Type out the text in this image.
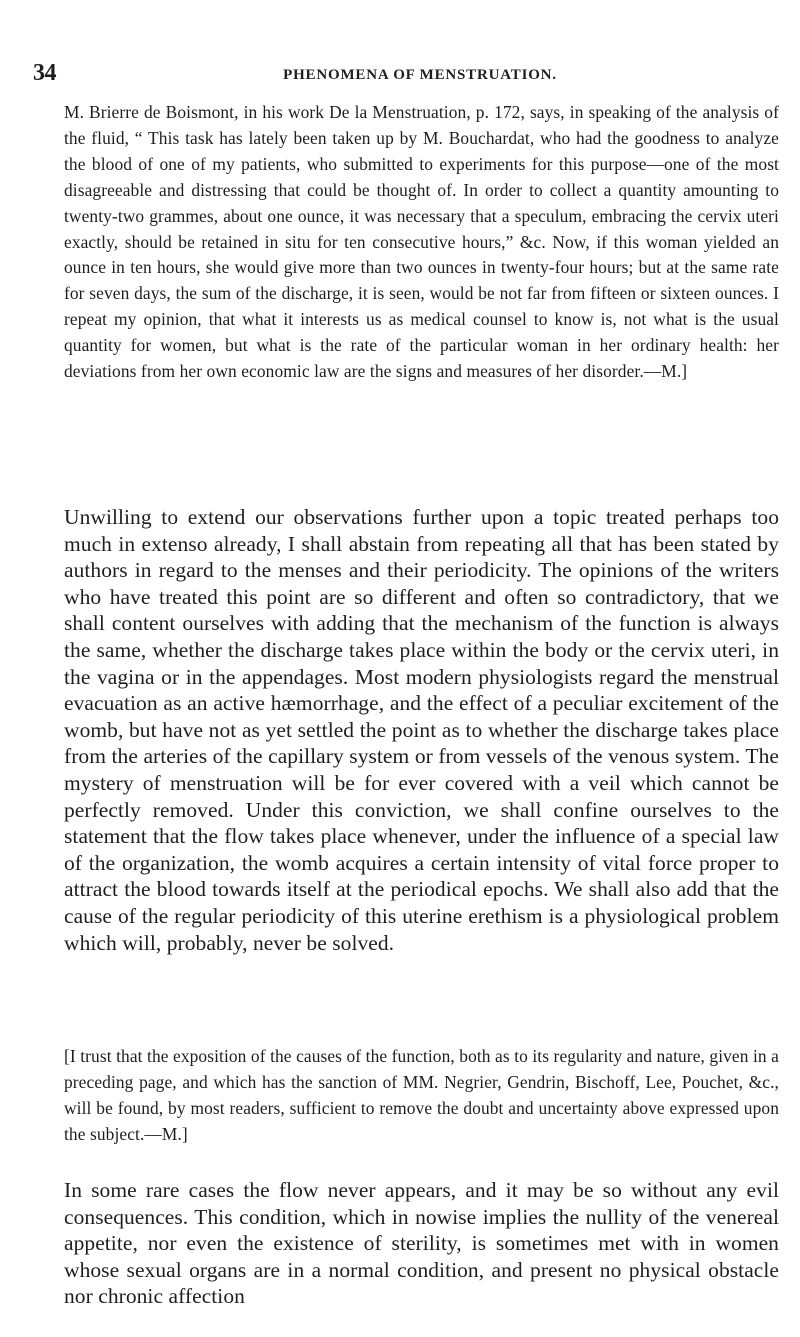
34	PHENOMENA OF MENSTRUATION.

M. Brierre de Boismont, in his work De la Menstruation, p. 172, says, in speaking of the analysis of the fluid, “ This task has lately been taken up by M. Bouchardat, who had the goodness to analyze the blood of one of my patients, who submitted to experiments for this purpose—one of the most disagreeable and distressing that could be thought of. In order to collect a quantity amounting to twenty-two grammes, about one ounce, it was necessary that a speculum, embracing the cervix uteri exactly, should be retained in situ for ten consecutive hours,” &c. Now, if this woman yielded an ounce in ten hours, she would give more than two ounces in twenty-four hours; but at the same rate for seven days, the sum of the discharge, it is seen, would be not far from fifteen or sixteen ounces. I repeat my opinion, that what it interests us as medical counsel to know is, not what is the usual quantity for women, but what is the rate of the particular woman in her ordinary health: her deviations from her own economic law are the signs and measures of her disorder.—M.]

Unwilling to extend our observations further upon a topic treated perhaps too much in extenso already, I shall abstain from repeating all that has been stated by authors in regard to the menses and their periodicity. The opinions of the writers who have treated this point are so different and often so contradictory, that we shall content ourselves with adding that the mechanism of the function is always the same, whether the discharge takes place within the body or the cervix uteri, in the vagina or in the appendages. Most modern physiologists regard the menstrual evacuation as an active hæmorrhage, and the effect of a peculiar excitement of the womb, but have not as yet settled the point as to whether the discharge takes place from the arteries of the capillary system or from vessels of the venous system. The mystery of menstruation will be for ever covered with a veil which cannot be perfectly removed. Under this conviction, we shall confine ourselves to the statement that the flow takes place whenever, under the influence of a special law of the organization, the womb acquires a certain intensity of vital force proper to attract the blood towards itself at the periodical epochs. We shall also add that the cause of the regular periodicity of this uterine erethism is a physiological problem which will, probably, never be solved.

[I trust that the exposition of the causes of the function, both as to its regularity and nature, given in a preceding page, and which has the sanction of MM. Negrier, Gendrin, Bischoff, Lee, Pouchet, &c., will be found, by most readers, sufficient to remove the doubt and uncertainty above expressed upon the subject.—M.]

In some rare cases the flow never appears, and it may be so without any evil consequences. This condition, which in nowise implies the nullity of the venereal appetite, nor even the existence of sterility, is sometimes met with in women whose sexual organs are in a normal condition, and present no physical obstacle nor chronic affection
